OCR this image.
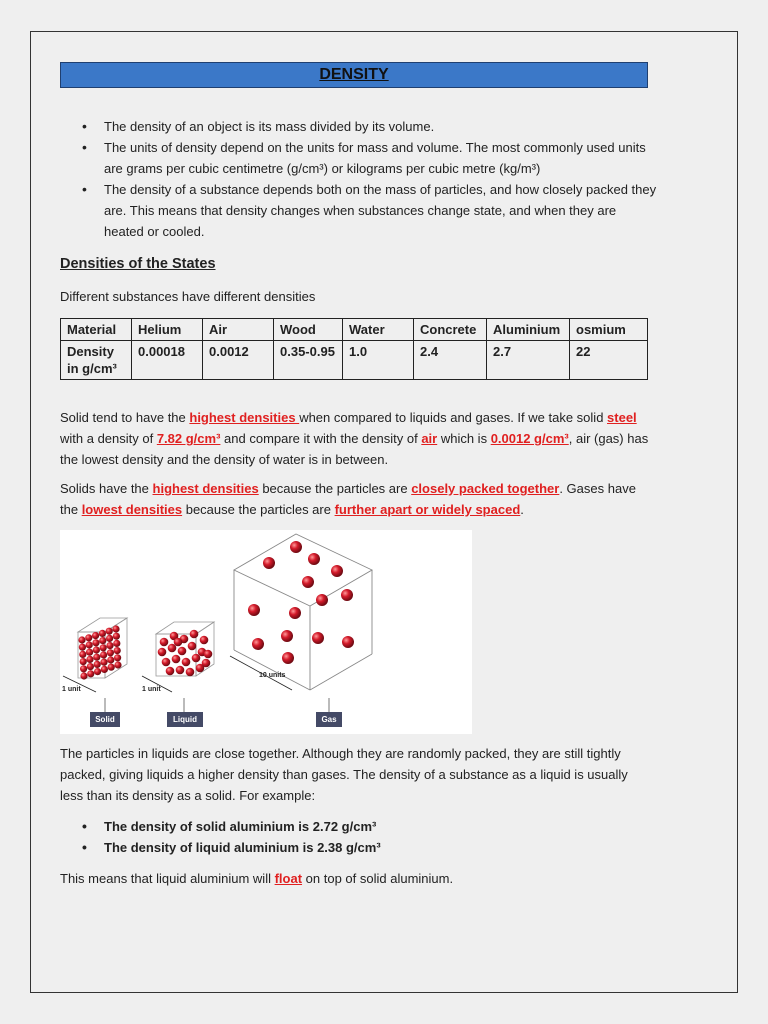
DENSITY
• The density of an object is its mass divided by its volume.
• The units of density depend on the units for mass and volume. The most commonly used units are grams per cubic centimetre (g/cm³) or kilograms per cubic metre (kg/m³)
• The density of a substance depends both on the mass of particles, and how closely packed they are. This means that density changes when substances change state, and when they are heated or cooled.
Densities of the States
Different substances have different densities
Material	Helium	Air	Wood	Water	Concrete	Aluminium	osmium
Density in g/cm³	0.00018	0.0012	0.35-0.95	1.0	2.4	2.7	22
Solid tend to have the highest densities when compared to liquids and gases. If we take solid steel with a density of 7.82 g/cm³ and compare it with the density of air which is 0.0012 g/cm³, air (gas) has the lowest density and the density of water is in between.
Solids have the highest densities because the particles are closely packed together. Gases have the lowest densities because the particles are further apart or widely spaced.
1 unit	1 unit
10 units
Solid	Liquid	Gas
The particles in liquids are close together. Although they are randomly packed, they are still tightly packed, giving liquids a higher density than gases. The density of a substance as a liquid is usually less than its density as a solid. For example:
• The density of solid aluminium is 2.72 g/cm³
• The density of liquid aluminium is 2.38 g/cm³
This means that liquid aluminium will float on top of solid aluminium.
